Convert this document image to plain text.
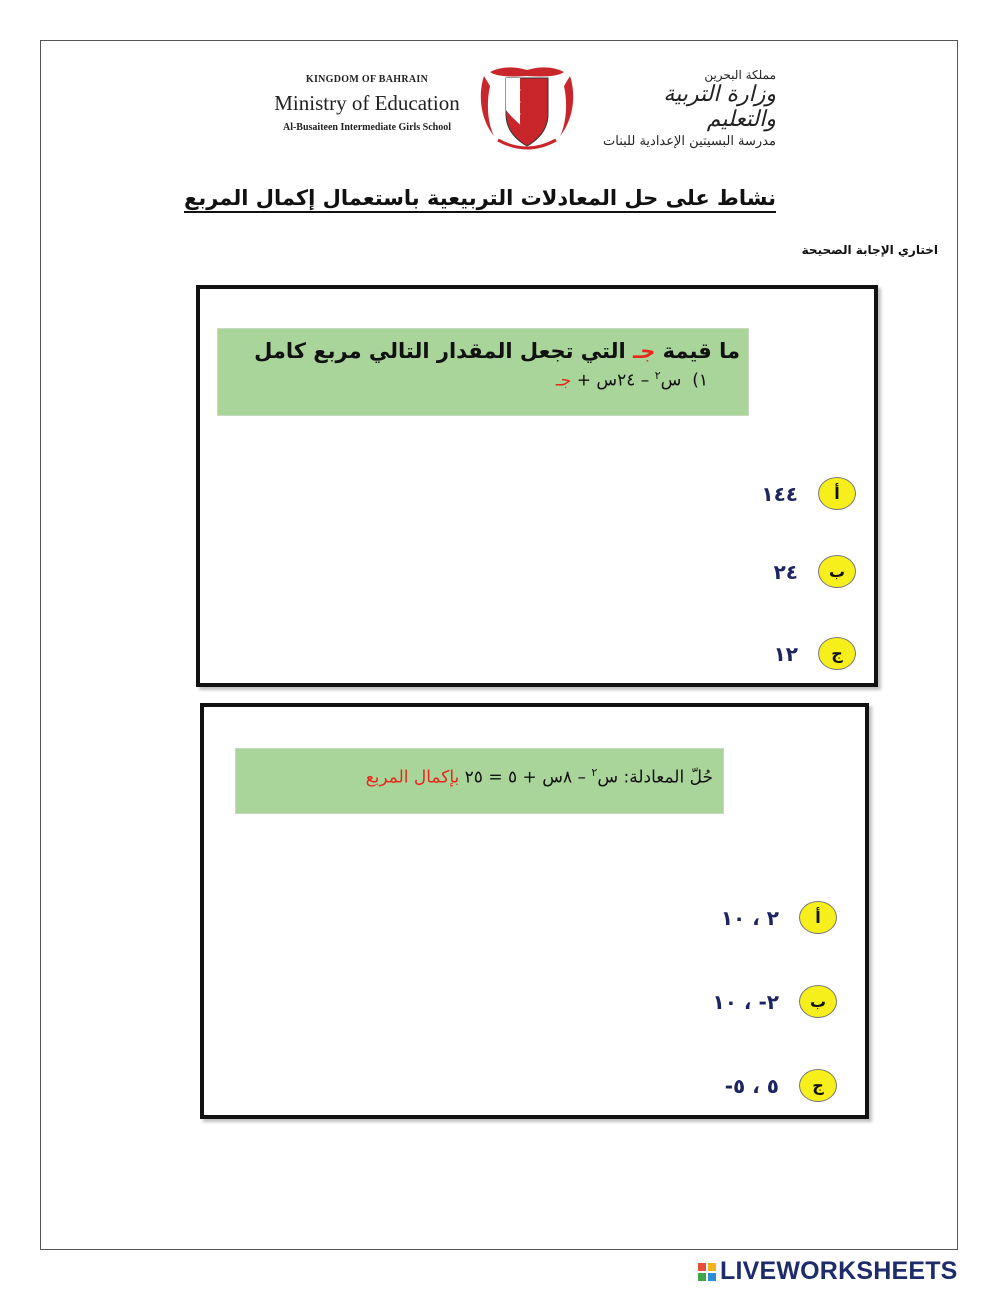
KINGDOM OF BAHRAIN
Ministry of Education
Al-Busaiteen Intermediate Girls School
مملكة البحرين
وزارة التربية والتعليم
مدرسة البسيتين الإعدادية للبنات
نشاط على حل المعادلات التربيعية باستعمال إكمال المربع
اختاري الإجابة الصحيحة
ما قيمة جـ التي تجعل المقدار التالي مربع كامل
١)  س$^٢$ – ٢٤س + جـ
أ
١٤٤
ب
٢٤
ج
١٢
حُلّ المعادلة: س$^٢$ – ٨س + ٥ = ٢٥ بإكمال المربع
أ
٢ ، ١٠
ب
٢- ، ١٠
ج
٥ ، ٥-
LIVEWORKSHEETS
